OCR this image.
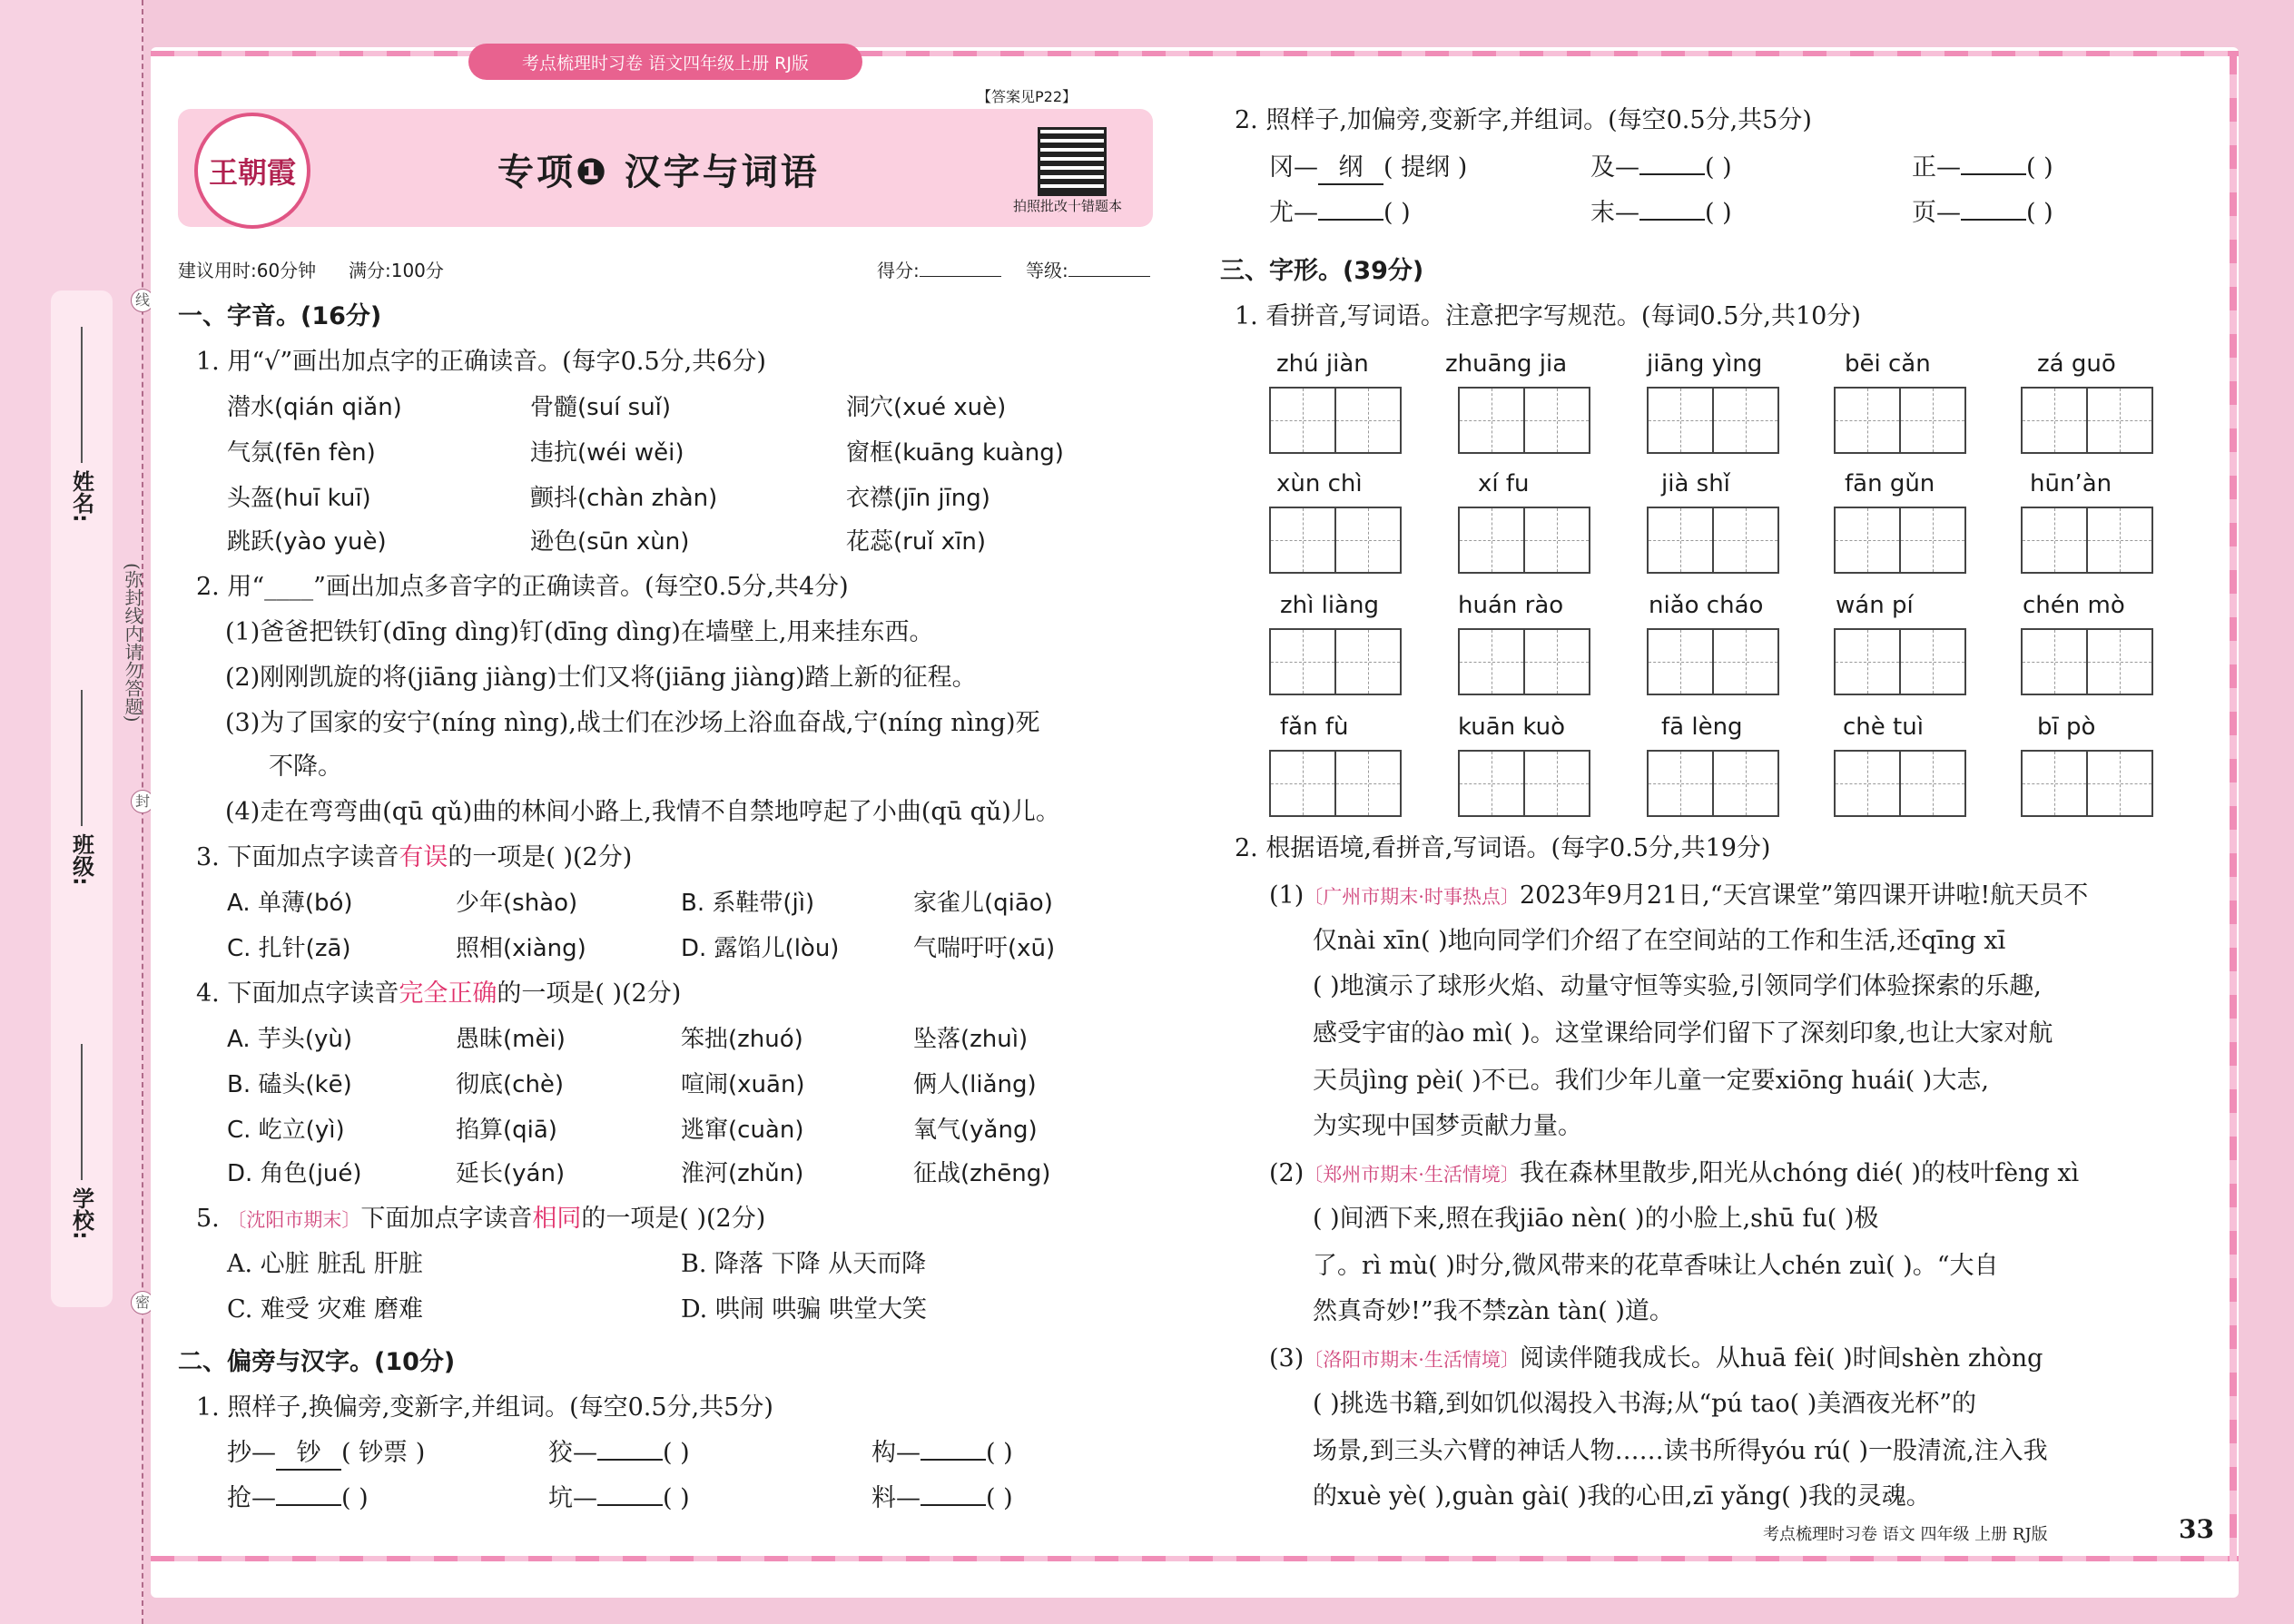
姓名:
班级:
学校:
(弥封线内请勿答题)
线
封
密
考点梳理时习卷 语文四年级上册 RJ版
王朝霞	专项❶ 汉字与词语
【答案见P22】
拍照批改十错题本
建议用时:60分钟 满分:100分	得分:	等级:
一、字音。(16分)
1. 用“√”画出加点字的正确读音。(每字0.5分,共6分)
潜水(qián qiǎn)	骨髓(suí suǐ)	洞穴(xué xuè)
气氛(fēn fèn)	违抗(wéi wěi)	窗框(kuāng kuàng)
头盔(huī kuī)	颤抖(chàn zhàn)	衣襟(jīn jīng)
跳跃(yào yuè)	逊色(sūn xùn)	花蕊(ruǐ xīn)
2. 用“____”画出加点多音字的正确读音。(每空0.5分,共4分)
(1)爸爸把铁钉(dīng dìng)钉(dīng dìng)在墙壁上,用来挂东西。
(2)刚刚凯旋的将(jiāng jiàng)士们又将(jiāng jiàng)踏上新的征程。
(3)为了国家的安宁(níng nìng),战士们在沙场上浴血奋战,宁(níng nìng)死
不降。
(4)走在弯弯曲(qū qǔ)曲的林间小路上,我情不自禁地哼起了小曲(qū qǔ)儿。
3. 下面加点字读音有误的一项是( )(2分)
A. 单薄(bó)	少年(shào)	B. 系鞋带(jì)	家雀儿(qiāo)
C. 扎针(zā)	照相(xiàng)	D. 露馅儿(lòu)	气喘吁吁(xū)
4. 下面加点字读音完全正确的一项是( )(2分)
A. 芋头(yù)	愚昧(mèi)	笨拙(zhuó)	坠落(zhuì)
B. 磕头(kē)	彻底(chè)	喧闹(xuān)	俩人(liǎng)
C. 屹立(yì)	掐算(qiā)	逃窜(cuàn)	氧气(yǎng)
D. 角色(jué)	延长(yán)	淮河(zhǔn)	征战(zhēng)
5. 〔沈阳市期末〕下面加点字读音相同的一项是( )(2分)
A. 心脏 脏乱 肝脏	B. 降落 下降 从天而降
C. 难受 灾难 磨难	D. 哄闹 哄骗 哄堂大笑
二、偏旁与汉字。(10分)
1. 照样子,换偏旁,变新字,并组词。(每空0.5分,共5分)
抄— 钞 ( 钞票 )	狡—	( )	构—	( )
抢—	( )	坑—	( )	料—	( )
2. 照样子,加偏旁,变新字,并组词。(每空0.5分,共5分)
冈— 纲 ( 提纲 )	及—	( )	正—	( )
尤—	( )	末—	( )	页—	( )
三、字形。(39分)
1. 看拼音,写词语。注意把字写规范。(每词0.5分,共10分)
zhú jiàn	zhuāng jia	jiāng yìng	bēi cǎn	zá guō
xùn chì	xí fu	jià shǐ	fān gǔn	hūn’àn
zhì liàng	huán rào	niǎo cháo	wán pí	chén mò
fǎn fù	kuān kuò	fā lèng	chè tuì	bī pò
2. 根据语境,看拼音,写词语。(每字0.5分,共19分)
(1)〔广州市期末·时事热点〕2023年9月21日,“天宫课堂”第四课开讲啦!航天员不
仅nài xīn( )地向同学们介绍了在空间站的工作和生活,还qīng xī
( )地演示了球形火焰、动量守恒等实验,引领同学们体验探索的乐趣,
感受宇宙的ào mì( )。这堂课给同学们留下了深刻印象,也让大家对航
天员jìng pèi( )不已。我们少年儿童一定要xiōng huái( )大志,
为实现中国梦贡献力量。
(2)〔郑州市期末·生活情境〕我在森林里散步,阳光从chóng dié( )的枝叶fèng xì
( )间洒下来,照在我jiāo nèn( )的小脸上,shū fu( )极
了。rì mù( )时分,微风带来的花草香味让人chén zuì( )。“大自
然真奇妙!”我不禁zàn tàn( )道。
(3)〔洛阳市期末·生活情境〕阅读伴随我成长。从huā fèi( )时间shèn zhòng
( )挑选书籍,到如饥似渴投入书海;从“pú tao( )美酒夜光杯”的
场景,到三头六臂的神话人物……读书所得yóu rú( )一股清流,注入我
的xuè yè( ),guàn gài( )我的心田,zī yǎng( )我的灵魂。
考点梳理时习卷 语文 四年级 上册 RJ版	33
